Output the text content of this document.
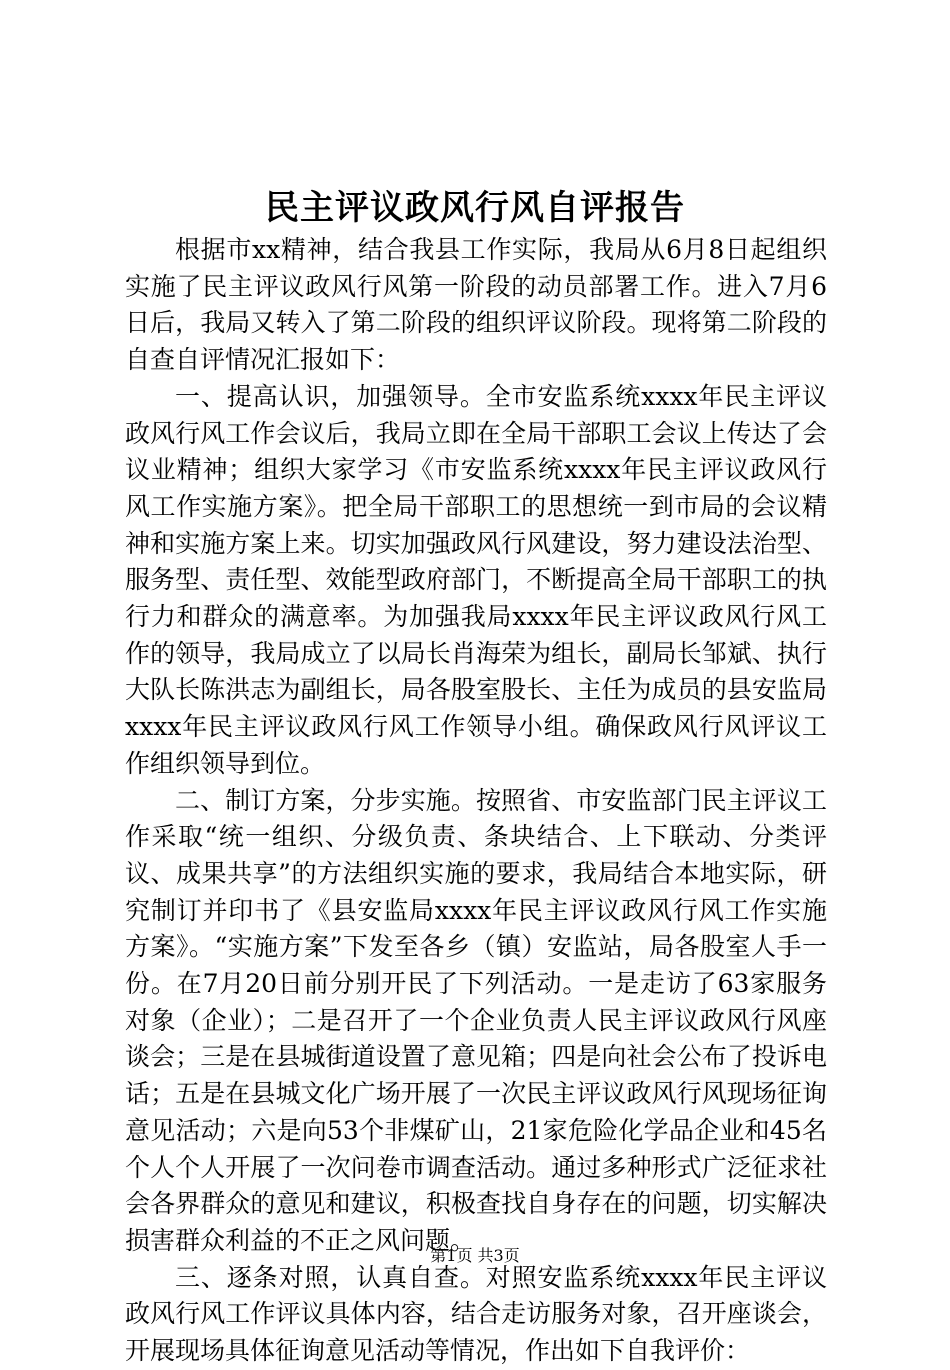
民主评议政风行风自评报告

根据市xx精神，结合我县工作实际，我局从6月8日起组织实施了民主评议政风行风第一阶段的动员部署工作。进入7月6日后，我局又转入了第二阶段的组织评议阶段。现将第二阶段的自查自评情况汇报如下：

一、提高认识，加强领导。全市安监系统xxxx年民主评议政风行风工作会议后，我局立即在全局干部职工会议上传达了会议业精神；组织大家学习《市安监系统xxxx年民主评议政风行风工作实施方案》。把全局干部职工的思想统一到市局的会议精神和实施方案上来。切实加强政风行风建设，努力建设法治型、服务型、责任型、效能型政府部门，不断提高全局干部职工的执行力和群众的满意率。为加强我局xxxx年民主评议政风行风工作的领导，我局成立了以局长肖海荣为组长，副局长邹斌、执行大队长陈洪志为副组长，局各股室股长、主任为成员的县安监局xxxx年民主评议政风行风工作领导小组。确保政风行风评议工作组织领导到位。

二、制订方案，分步实施。按照省、市安监部门民主评议工作采取“统一组织、分级负责、条块结合、上下联动、分类评议、成果共享”的方法组织实施的要求，我局结合本地实际，研究制订并印书了《县安监局xxxx年民主评议政风行风工作实施方案》。“实施方案”下发至各乡（镇）安监站，局各股室人手一份。在7月20日前分别开民了下列活动。一是走访了63家服务对象（企业）；二是召开了一个企业负责人民主评议政风行风座谈会；三是在县城街道设置了意见箱；四是向社会公布了投诉电话；五是在县城文化广场开展了一次民主评议政风行风现场征询意见活动；六是向53个非煤矿山，21家危险化学品企业和45名个人个人开展了一次问卷市调查活动。通过多种形式广泛征求社会各界群众的意见和建议，积极查找自身存在的问题，切实解决损害群众利益的不正之风问题。

三、逐条对照，认真自查。对照安监系统xxxx年民主评议政风行风工作评议具体内容，结合走访服务对象，召开座谈会，开展现场具体征询意见活动等情况，作出如下自我评价：

第1页 共3页
